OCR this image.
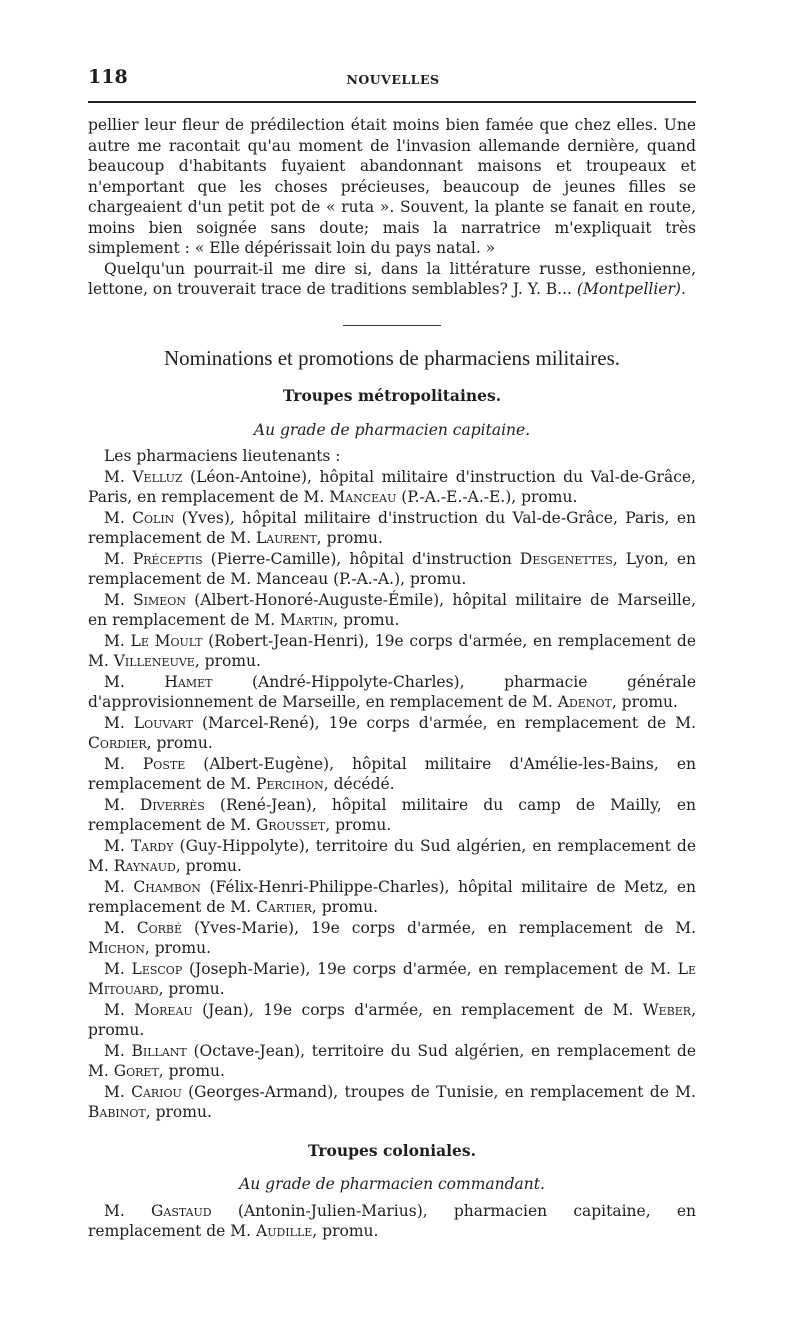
118	NOUVELLES

pellier leur fleur de prédilection était moins bien famée que chez elles. Une autre me racontait qu'au moment de l'invasion allemande dernière, quand beaucoup d'habitants fuyaient abandonnant maisons et troupeaux et n'emportant que les choses précieuses, beaucoup de jeunes filles se chargeaient d'un petit pot de « ruta ». Souvent, la plante se fanait en route, moins bien soignée sans doute; mais la narratrice m'expliquait très simplement : « Elle dépérissait loin du pays natal. »

Quelqu'un pourrait-il me dire si, dans la littérature russe, esthonienne, lettone, on trouverait trace de traditions semblables? J. Y. B... (Montpellier).

Nominations et promotions de pharmaciens militaires.
Troupes métropolitaines.
Au grade de pharmacien capitaine.

Les pharmaciens lieutenants :

M. Velluz (Léon-Antoine), hôpital militaire d'instruction du Val-de-Grâce, Paris, en remplacement de M. Manceau (P.-A.-E.-A.-E.), promu.

M. Colin (Yves), hôpital militaire d'instruction du Val-de-Grâce, Paris, en remplacement de M. Laurent, promu.

M. Préceptis (Pierre-Camille), hôpital d'instruction Desgenettes, Lyon, en remplacement de M. Manceau (P.-A.-A.), promu.

M. Simeon (Albert-Honoré-Auguste-Émile), hôpital militaire de Marseille, en remplacement de M. Martin, promu.

M. Le Moult (Robert-Jean-Henri), 19e corps d'armée, en remplacement de M. Villeneuve, promu.

M. Hamet (André-Hippolyte-Charles), pharmacie générale d'approvisionnement de Marseille, en remplacement de M. Adenot, promu.

M. Louvart (Marcel-René), 19e corps d'armée, en remplacement de M. Cordier, promu.

M. Poste (Albert-Eugène), hôpital militaire d'Amélie-les-Bains, en remplacement de M. Percihon, décédé.

M. Diverrès (René-Jean), hôpital militaire du camp de Mailly, en remplacement de M. Grousset, promu.

M. Tardy (Guy-Hippolyte), territoire du Sud algérien, en remplacement de M. Raynaud, promu.

M. Chambon (Félix-Henri-Philippe-Charles), hôpital militaire de Metz, en remplacement de M. Cartier, promu.

M. Corbé (Yves-Marie), 19e corps d'armée, en remplacement de M. Michon, promu.

M. Lescop (Joseph-Marie), 19e corps d'armée, en remplacement de M. Le Mitouard, promu.

M. Moreau (Jean), 19e corps d'armée, en remplacement de M. Weber, promu.

M. Billant (Octave-Jean), territoire du Sud algérien, en remplacement de M. Goret, promu.

M. Cariou (Georges-Armand), troupes de Tunisie, en remplacement de M. Babinot, promu.

Troupes coloniales.
Au grade de pharmacien commandant.

M. Gastaud (Antonin-Julien-Marius), pharmacien capitaine, en remplacement de M. Audille, promu.
